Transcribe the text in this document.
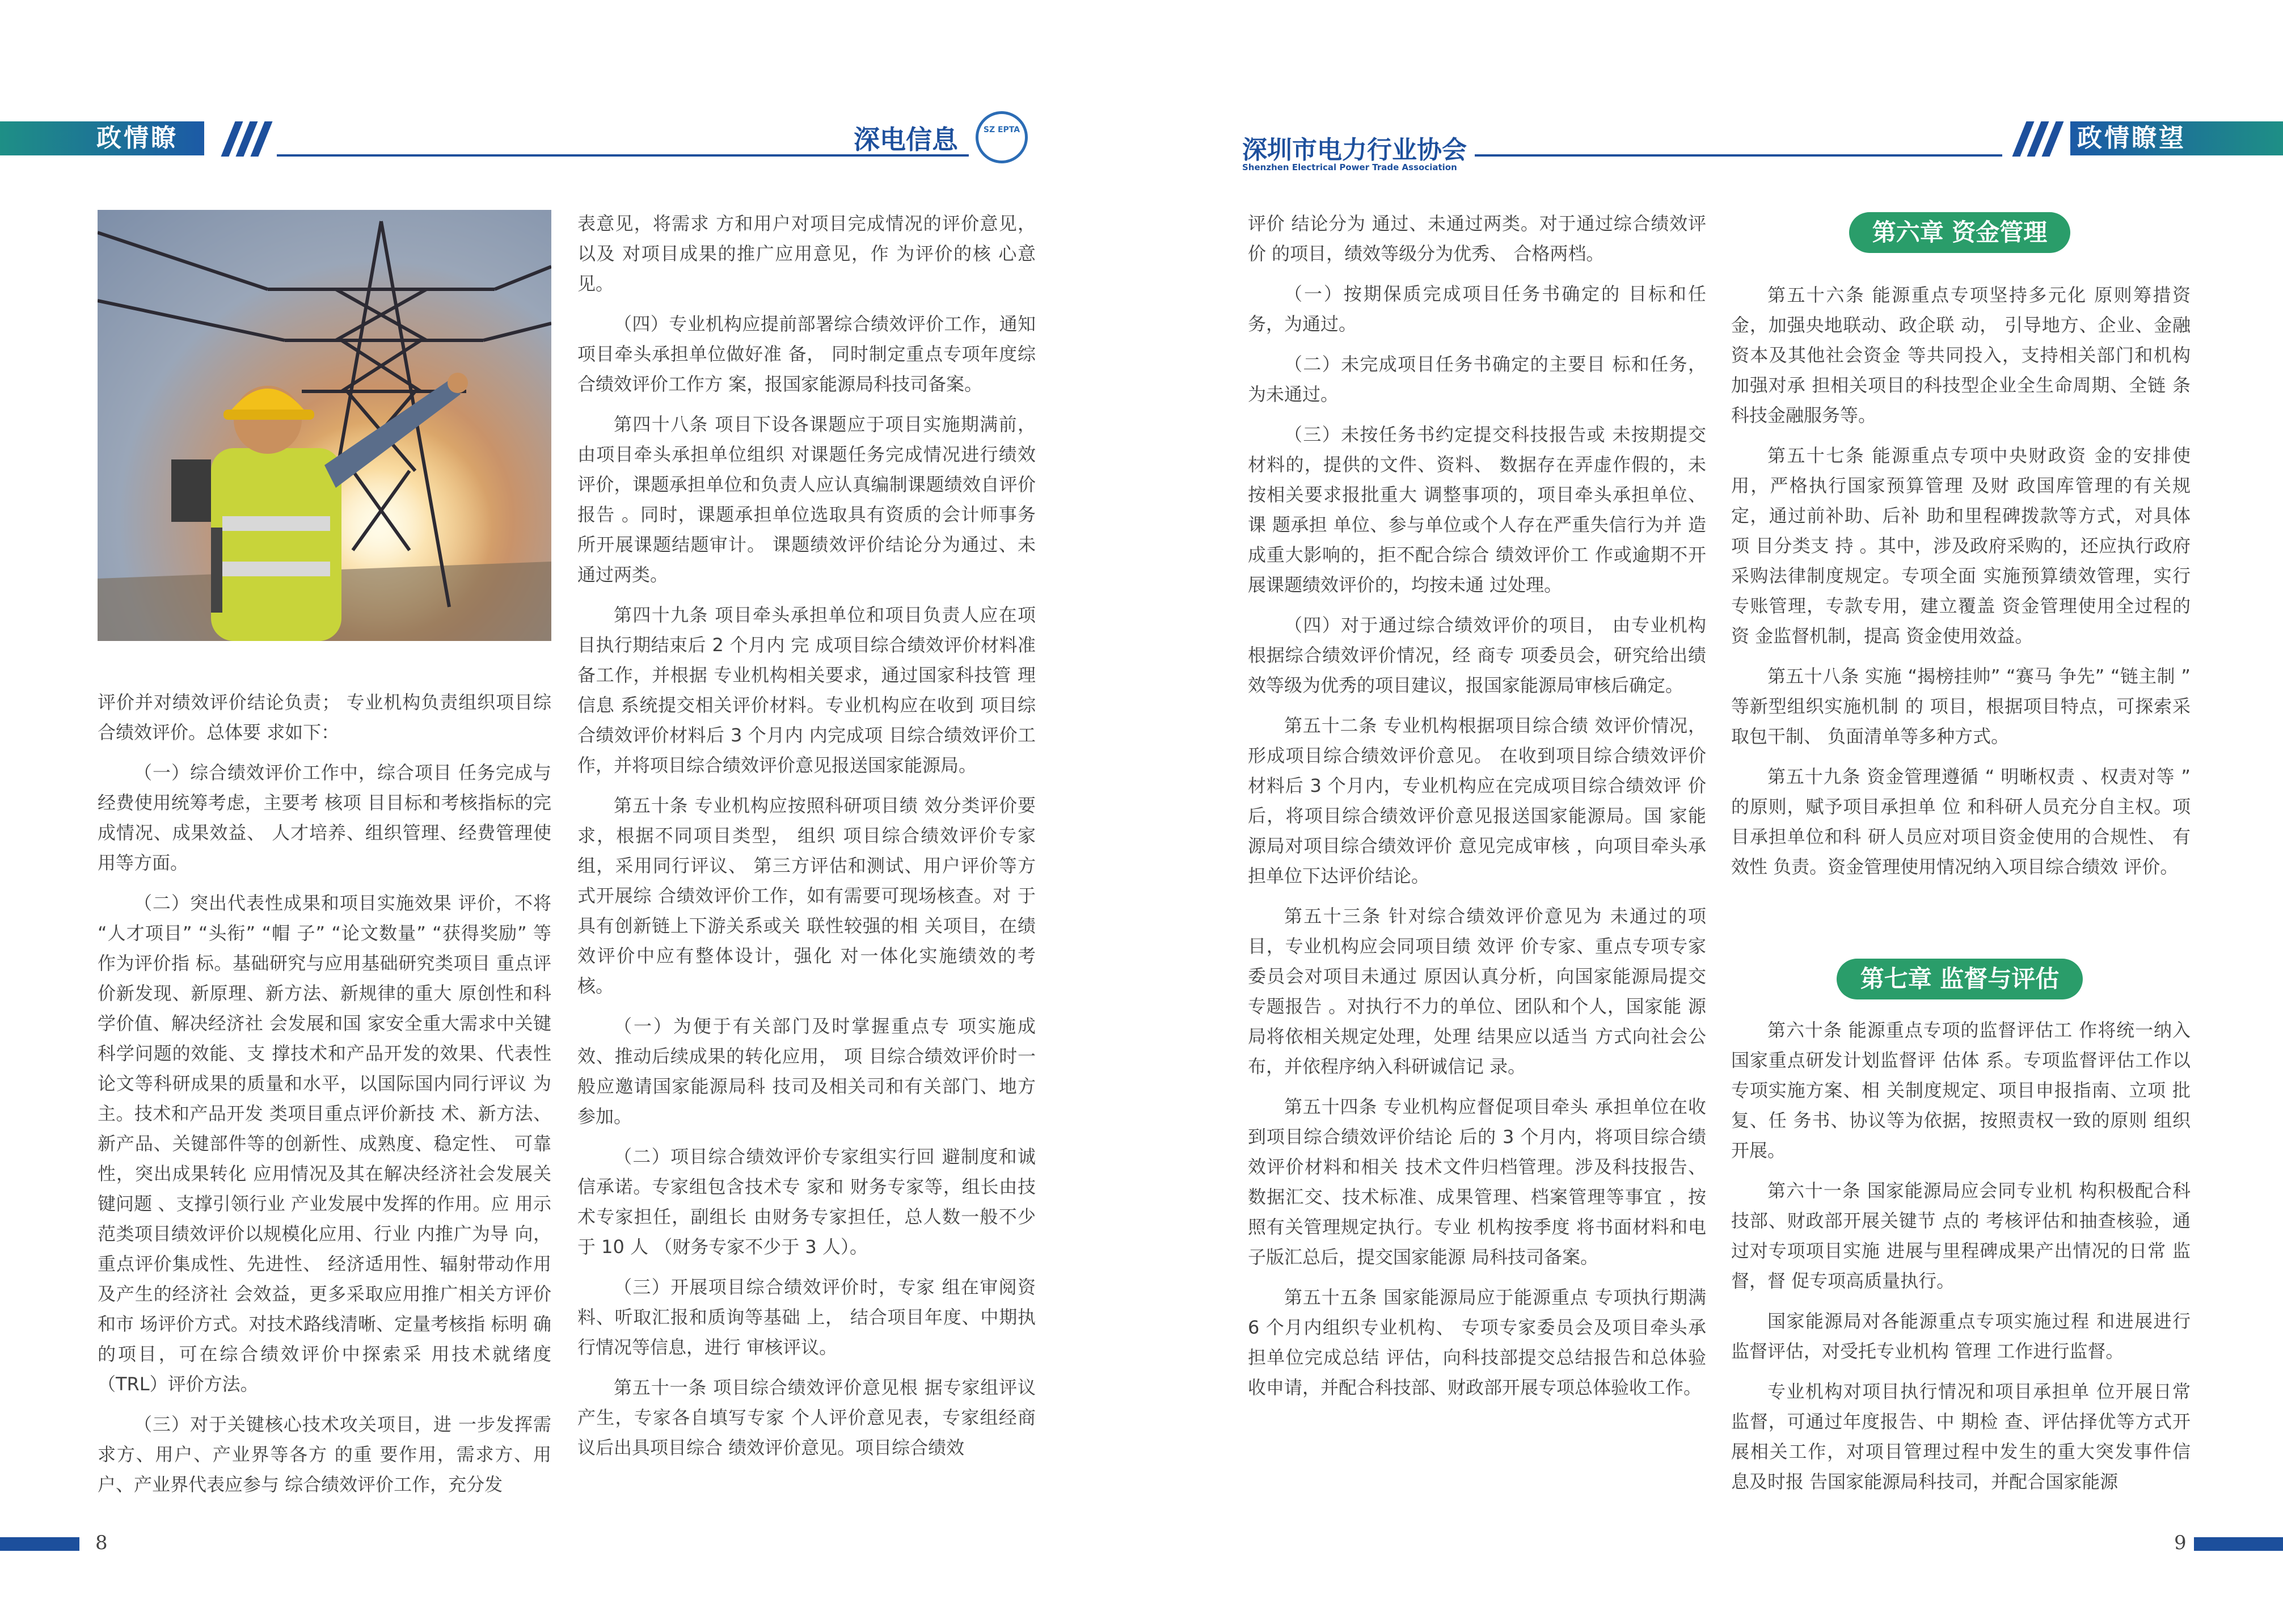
政情瞭望
深电信息	SZ EPTA
深圳市电力行业协会
Shenzhen Electrical Power Trade Association
政情瞭望

评价并对绩效评价结论负责； 专业机构负责组织项目综合绩效评价。总体要 求如下：

（一）综合绩效评价工作中，综合项目 任务完成与经费使用统筹考虑，主要考 核项 目目标和考核指标的完成情况、成果效益、 人才培养、组织管理、经费管理使 用等方面。

（二）突出代表性成果和项目实施效果 评价，不将 “人才项目” “头衔” “帽 子” “论文数量” “获得奖励” 等作为评价指 标。基础研究与应用基础研究类项目 重点评 价新发现、新原理、新方法、新规律的重大 原创性和科学价值、解决经济社 会发展和国 家安全重大需求中关键科学问题的效能、支 撑技术和产品开发的效果、代表性论文等科研成果的质量和水平，以国际国内同行评议 为主。技术和产品开发 类项目重点评价新技 术、新方法、新产品、关键部件等的创新性、成熟度、稳定性、 可靠性，突出成果转化 应用情况及其在解决经济社会发展关键问题 、支撑引领行业 产业发展中发挥的作用。应 用示范类项目绩效评价以规模化应用、行业 内推广为导 向，重点评价集成性、先进性、 经济适用性、辐射带动作用及产生的经济社 会效益，更多采取应用推广相关方评价和市 场评价方式。对技术路线清晰、定量考核指 标明 确的项目，可在综合绩效评价中探索采 用技术就绪度（TRL）评价方法。

（三）对于关键核心技术攻关项目，进 一步发挥需求方、用户、产业界等各方 的重 要作用，需求方、用户、产业界代表应参与 综合绩效评价工作，充分发

表意见，将需求 方和用户对项目完成情况的评价意见，以及 对项目成果的推广应用意见，作 为评价的核 心意见。

（四）专业机构应提前部署综合绩效评价工作，通知项目牵头承担单位做好准 备， 同时制定重点专项年度综合绩效评价工作方 案，报国家能源局科技司备案。

第四十八条 项目下设各课题应于项目实施期满前，由项目牵头承担单位组织 对课题任务完成情况进行绩效评价，课题承担单位和负责人应认真编制课题绩效自评价报告 。同时，课题承担单位选取具有资质的会计师事务所开展课题结题审计。 课题绩效评价结论分为通过、未通过两类。

第四十九条 项目牵头承担单位和项目负责人应在项目执行期结束后 2 个月内 完 成项目综合绩效评价材料准备工作，并根据 专业机构相关要求，通过国家科技管 理信息 系统提交相关评价材料。专业机构应在收到 项目综合绩效评价材料后 3 个月内 内完成项 目综合绩效评价工作，并将项目综合绩效评价意见报送国家能源局。

第五十条 专业机构应按照科研项目绩 效分类评价要求，根据不同项目类型， 组织 项目综合绩效评价专家组，采用同行评议、 第三方评估和测试、用户评价等方 式开展综 合绩效评价工作，如有需要可现场核查。对 于具有创新链上下游关系或关 联性较强的相 关项目，在绩效评价中应有整体设计，强化 对一体化实施绩效的考核。

（一）为便于有关部门及时掌握重点专 项实施成效、推动后续成果的转化应用， 项 目综合绩效评价时一般应邀请国家能源局科 技司及相关司和有关部门、地方参加。

（二）项目综合绩效评价专家组实行回 避制度和诚信承诺。专家组包含技术专 家和 财务专家等，组长由技术专家担任，副组长 由财务专家担任，总人数一般不少于 10 人 （财务专家不少于 3 人）。

（三）开展项目综合绩效评价时，专家 组在审阅资料、听取汇报和质询等基础 上， 结合项目年度、中期执行情况等信息，进行 审核评议。

第五十一条 项目综合绩效评价意见根 据专家组评议产生，专家各自填写专家 个人评价意见表，专家组经商议后出具项目综合 绩效评价意见。项目综合绩效

评价 结论分为 通过、未通过两类。对于通过综合绩效评价 的项目，绩效等级分为优秀、 合格两档。

（一）按期保质完成项目任务书确定的 目标和任务，为通过。

（二）未完成项目任务书确定的主要目 标和任务，为未通过。

（三）未按任务书约定提交科技报告或 未按期提交材料的，提供的文件、资料、 数据存在弄虚作假的，未按相关要求报批重大 调整事项的，项目牵头承担单位、课 题承担 单位、参与单位或个人存在严重失信行为并 造成重大影响的，拒不配合综合 绩效评价工 作或逾期不开展课题绩效评价的，均按未通 过处理。

（四）对于通过综合绩效评价的项目， 由专业机构根据综合绩效评价情况，经 商专 项委员会，研究给出绩效等级为优秀的项目建议，报国家能源局审核后确定。

第五十二条 专业机构根据项目综合绩 效评价情况，形成项目综合绩效评价意见。 在收到项目综合绩效评价材料后 3 个月内，专业机构应在完成项目综合绩效评 价后，将项目综合绩效评价意见报送国家能源局。国 家能源局对项目综合绩效评价 意见完成审核 ，向项目牵头承担单位下达评价结论。

第五十三条 针对综合绩效评价意见为 未通过的项目，专业机构应会同项目绩 效评 价专家、重点专项专家委员会对项目未通过 原因认真分析，向国家能源局提交 专题报告 。对执行不力的单位、团队和个人，国家能 源局将依相关规定处理，处理 结果应以适当 方式向社会公布，并依程序纳入科研诚信记 录。

第五十四条 专业机构应督促项目牵头 承担单位在收到项目综合绩效评价结论 后的 3 个月内，将项目综合绩效评价材料和相关 技术文件归档管理。涉及科技报告、 数据汇交、技术标准、成果管理、档案管理等事宜 ，按照有关管理规定执行。专业 机构按季度 将书面材料和电子版汇总后，提交国家能源 局科技司备案。

第五十五条 国家能源局应于能源重点 专项执行期满 6 个月内组织专业机构、 专项专家委员会及项目牵头承担单位完成总结 评估，向科技部提交总结报告和总体验收申请，并配合科技部、财政部开展专项总体验收工作。

第六章 资金管理

第五十六条 能源重点专项坚持多元化 原则筹措资金，加强央地联动、政企联 动， 引导地方、企业、金融资本及其他社会资金 等共同投入，支持相关部门和机构 加强对承 担相关项目的科技型企业全生命周期、全链 条科技金融服务等。

第五十七条 能源重点专项中央财政资 金的安排使用，严格执行国家预算管理 及财 政国库管理的有关规定，通过前补助、后补 助和里程碑拨款等方式，对具体项 目分类支 持 。其中，涉及政府采购的，还应执行政府 采购法律制度规定。专项全面 实施预算绩效管理，实行专账管理，专款专用，建立覆盖 资金管理使用全过程的资 金监督机制，提高 资金使用效益。

第五十八条 实施 “揭榜挂帅” “赛马 争先” “链主制 ” 等新型组织实施机制 的 项目，根据项目特点，可探索采取包干制、 负面清单等多种方式。

第五十九条 资金管理遵循 “ 明晰权责 、权责对等 ” 的原则，赋予项目承担单 位 和科研人员充分自主权。项目承担单位和科 研人员应对项目资金使用的合规性、 有效性 负责。资金管理使用情况纳入项目综合绩效 评价。

第七章 监督与评估

第六十条 能源重点专项的监督评估工 作将统一纳入国家重点研发计划监督评 估体 系。专项监督评估工作以专项实施方案、相 关制度规定、项目申报指南、立项 批复、任 务书、协议等为依据，按照责权一致的原则 组织开展。

第六十一条 国家能源局应会同专业机 构积极配合科技部、财政部开展关键节 点的 考核评估和抽查核验，通过对专项项目实施 进展与里程碑成果产出情况的日常 监督，督 促专项高质量执行。

国家能源局对各能源重点专项实施过程 和进展进行监督评估，对受托专业机构 管理 工作进行监督。

专业机构对项目执行情况和项目承担单 位开展日常监督，可通过年度报告、中 期检 查、评估择优等方式开展相关工作，对项目管理过程中发生的重大突发事件信 息及时报 告国家能源局科技司，并配合国家能源

8	9
